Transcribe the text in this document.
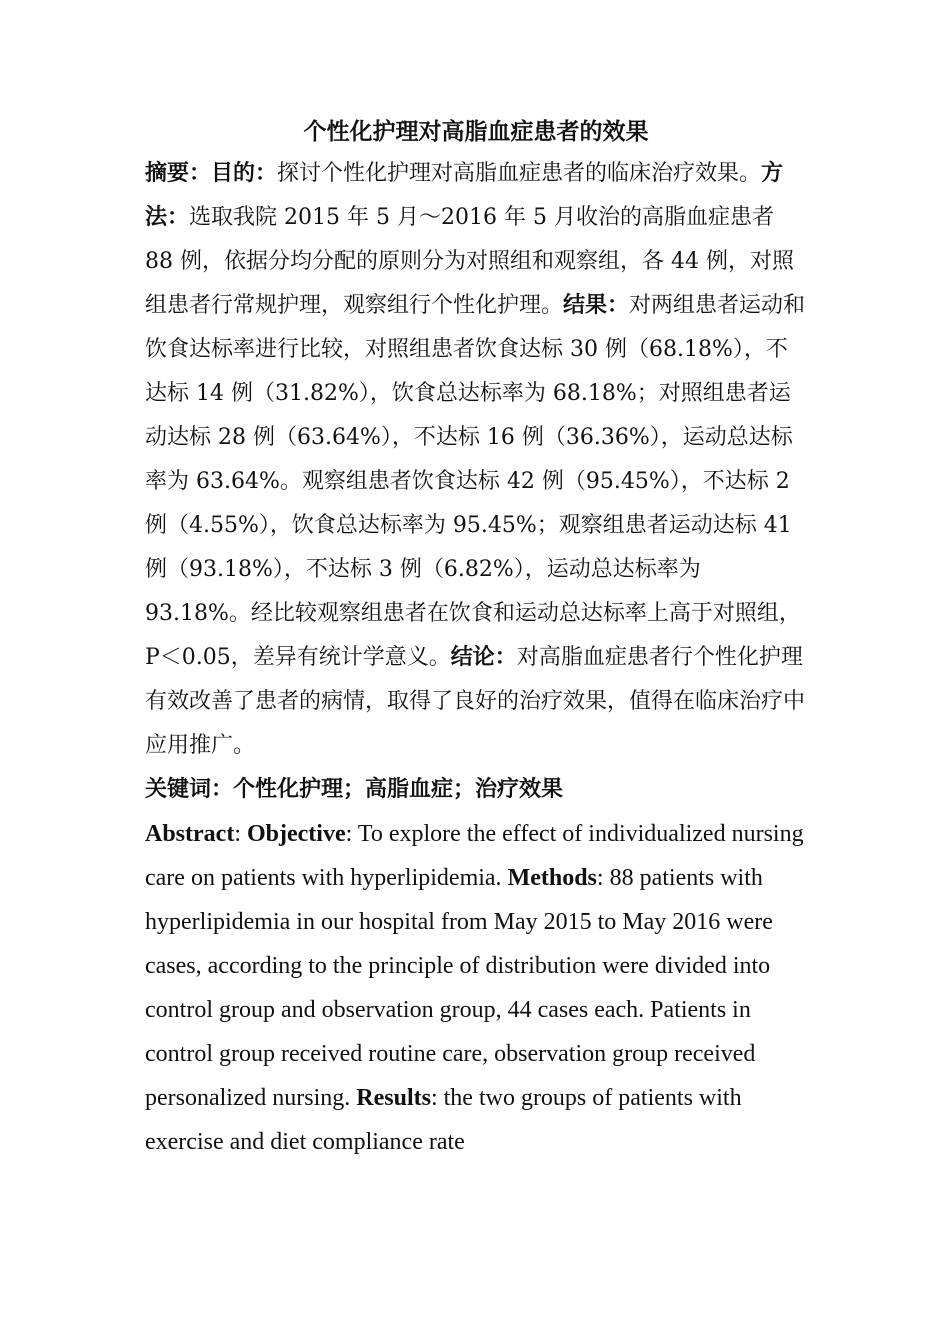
个性化护理对高脂血症患者的效果

摘要：目的：探讨个性化护理对高脂血症患者的临床治疗效果。方法：选取我院 2015 年 5 月～2016 年 5 月收治的高脂血症患者 88 例，依据分均分配的原则分为对照组和观察组，各 44 例，对照组患者行常规护理，观察组行个性化护理。结果：对两组患者运动和饮食达标率进行比较，对照组患者饮食达标 30 例（68.18%），不达标 14 例（31.82%），饮食总达标率为 68.18%；对照组患者运动达标 28 例（63.64%），不达标 16 例（36.36%），运动总达标率为 63.64%。观察组患者饮食达标 42 例（95.45%），不达标 2 例（4.55%），饮食总达标率为 95.45%；观察组患者运动达标 41 例（93.18%），不达标 3 例（6.82%），运动总达标率为 93.18%。经比较观察组患者在饮食和运动总达标率上高于对照组，P＜0.05，差异有统计学意义。结论：对高脂血症患者行个性化护理有效改善了患者的病情，取得了良好的治疗效果，值得在临床治疗中应用推广。

关键词：个性化护理；高脂血症；治疗效果

Abstract: Objective: To explore the effect of individualized nursing care on patients with hyperlipidemia. Methods: 88 patients with hyperlipidemia in our hospital from May 2015 to May 2016 were cases, according to the principle of distribution were divided into control group and observation group, 44 cases each. Patients in control group received routine care, observation group received personalized nursing. Results: the two groups of patients with exercise and diet compliance rate
